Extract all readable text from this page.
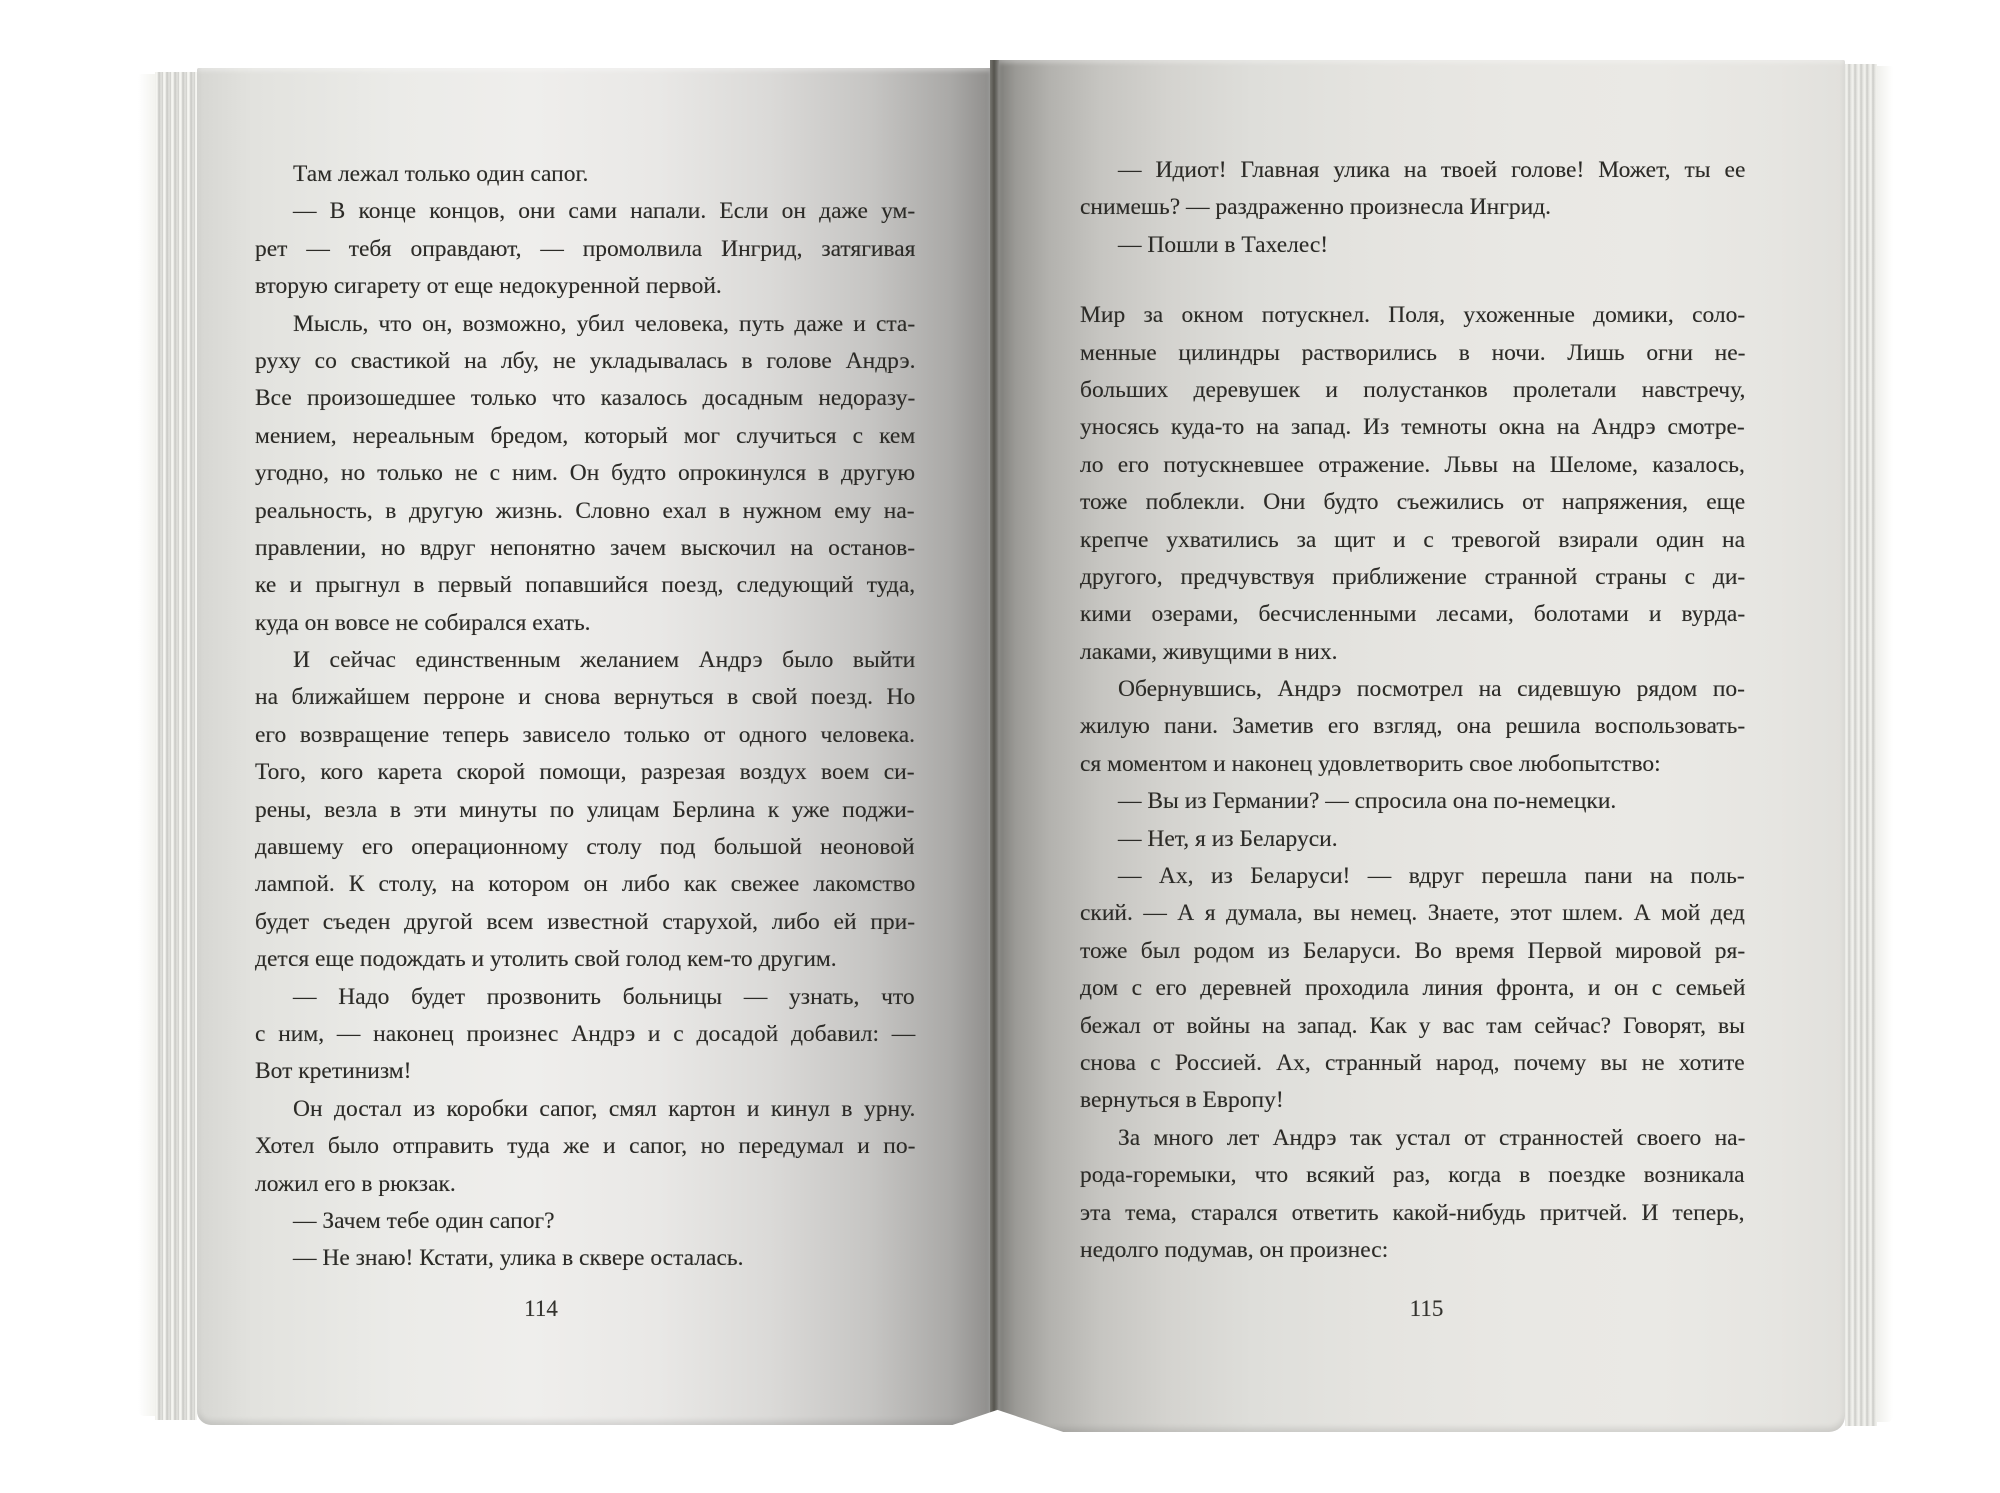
Там лежал только один сапог.
— В конце концов, они сами напали. Если он даже ум-
рет — тебя оправдают, — промолвила Ингрид, затягивая
вторую сигарету от еще недокуренной первой.
Мысль, что он, возможно, убил человека, путь даже и ста-
руху со свастикой на лбу, не укладывалась в голове Андрэ.
Все произошедшее только что казалось досадным недоразу-
мением, нереальным бредом, который мог случиться с кем
угодно, но только не с ним. Он будто опрокинулся в другую
реальность, в другую жизнь. Словно ехал в нужном ему на-
правлении, но вдруг непонятно зачем выскочил на останов-
ке и прыгнул в первый попавшийся поезд, следующий туда,
куда он вовсе не собирался ехать.
И сейчас единственным желанием Андрэ было выйти
на ближайшем перроне и снова вернуться в свой поезд. Но
его возвращение теперь зависело только от одного человека.
Того, кого карета скорой помощи, разрезая воздух воем си-
рены, везла в эти минуты по улицам Берлина к уже поджи-
давшему его операционному столу под большой неоновой
лампой. К столу, на котором он либо как свежее лакомство
будет съеден другой всем известной старухой, либо ей при-
дется еще подождать и утолить свой голод кем-то другим.
— Надо будет прозвонить больницы — узнать, что
с ним, — наконец произнес Андрэ и с досадой добавил: —
Вот кретинизм!
Он достал из коробки сапог, смял картон и кинул в урну.
Хотел было отправить туда же и сапог, но передумал и по-
ложил его в рюкзак.
— Зачем тебе один сапог?
— Не знаю! Кстати, улика в сквере осталась.
— Идиот! Главная улика на твоей голове! Может, ты ее
снимешь? — раздраженно произнесла Ингрид.
— Пошли в Тахелес!
Мир за окном потускнел. Поля, ухоженные домики, соло-
менные цилиндры растворились в ночи. Лишь огни не-
больших деревушек и полустанков пролетали навстречу,
уносясь куда-то на запад. Из темноты окна на Андрэ смотре-
ло его потускневшее отражение. Львы на Шеломе, казалось,
тоже поблекли. Они будто съежились от напряжения, еще
крепче ухватились за щит и с тревогой взирали один на
другого, предчувствуя приближение странной страны с ди-
кими озерами, бесчисленными лесами, болотами и вурда-
лаками, живущими в них.
Обернувшись, Андрэ посмотрел на сидевшую рядом по-
жилую пани. Заметив его взгляд, она решила воспользовать-
ся моментом и наконец удовлетворить свое любопытство:
— Вы из Германии? — спросила она по-немецки.
— Нет, я из Беларуси.
— Ах, из Беларуси! — вдруг перешла пани на поль-
ский. — А я думала, вы немец. Знаете, этот шлем. А мой дед
тоже был родом из Беларуси. Во время Первой мировой ря-
дом с его деревней проходила линия фронта, и он с семьей
бежал от войны на запад. Как у вас там сейчас? Говорят, вы
снова с Россией. Ах, странный народ, почему вы не хотите
вернуться в Европу!
За много лет Андрэ так устал от странностей своего на-
рода-горемыки, что всякий раз, когда в поездке возникала
эта тема, старался ответить какой-нибудь притчей. И теперь,
недолго подумав, он произнес:
114	115
